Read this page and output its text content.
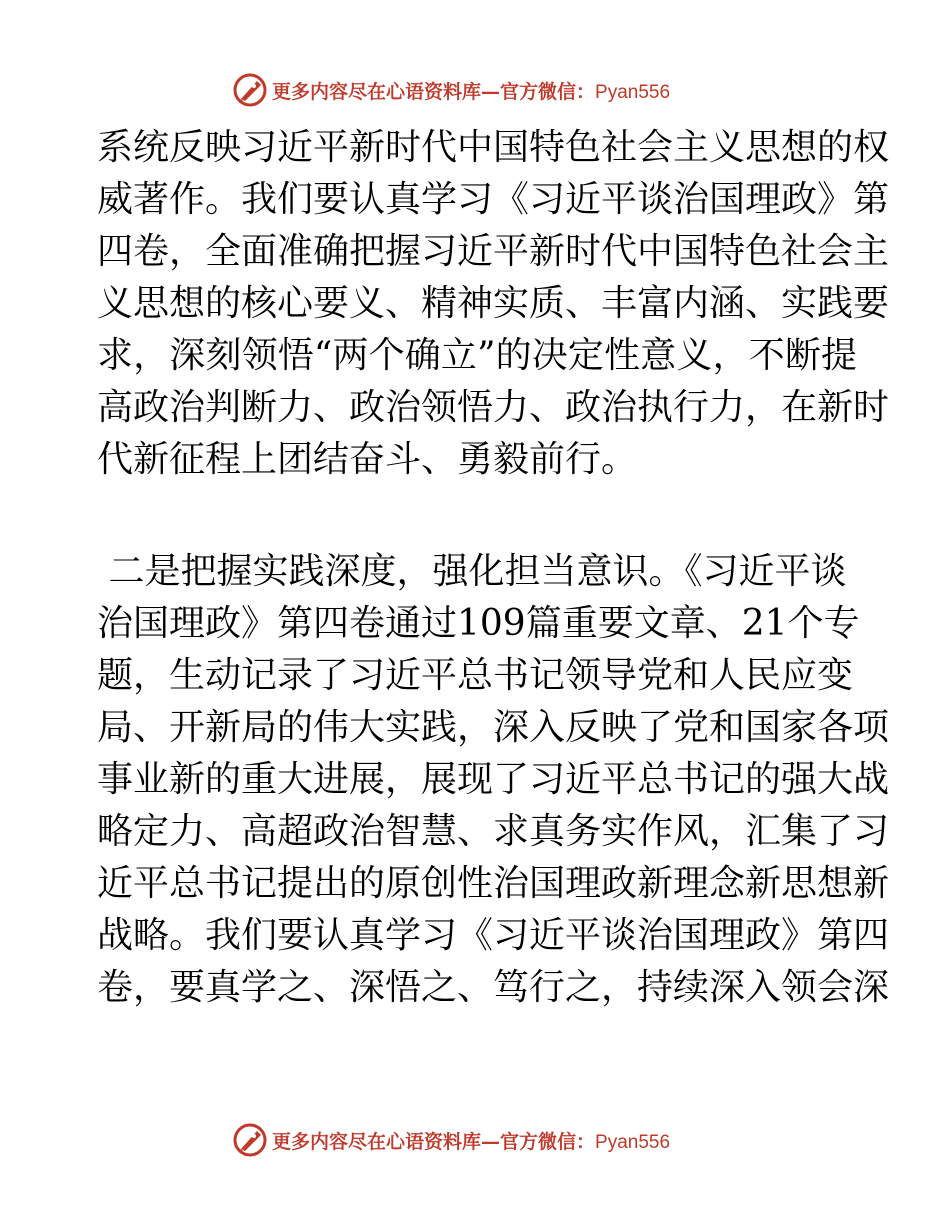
更多内容尽在心语资料库—官方微信：Pyan556
系统反映习近平新时代中国特色社会主义思想的权
威著作。我们要认真学习《习近平谈治国理政》第
四卷，全面准确把握习近平新时代中国特色社会主
义思想的核心要义、精神实质、丰富内涵、实践要
求，深刻领悟“两个确立”的决定性意义，不断提
高政治判断力、政治领悟力、政治执行力，在新时
代新征程上团结奋斗、勇毅前行。
二是把握实践深度，强化担当意识。《习近平谈
治国理政》第四卷通过109篇重要文章、21个专
题，生动记录了习近平总书记领导党和人民应变
局、开新局的伟大实践，深入反映了党和国家各项
事业新的重大进展，展现了习近平总书记的强大战
略定力、高超政治智慧、求真务实作风，汇集了习
近平总书记提出的原创性治国理政新理念新思想新
战略。我们要认真学习《习近平谈治国理政》第四
卷，要真学之、深悟之、笃行之，持续深入领会深
更多内容尽在心语资料库—官方微信：Pyan556
